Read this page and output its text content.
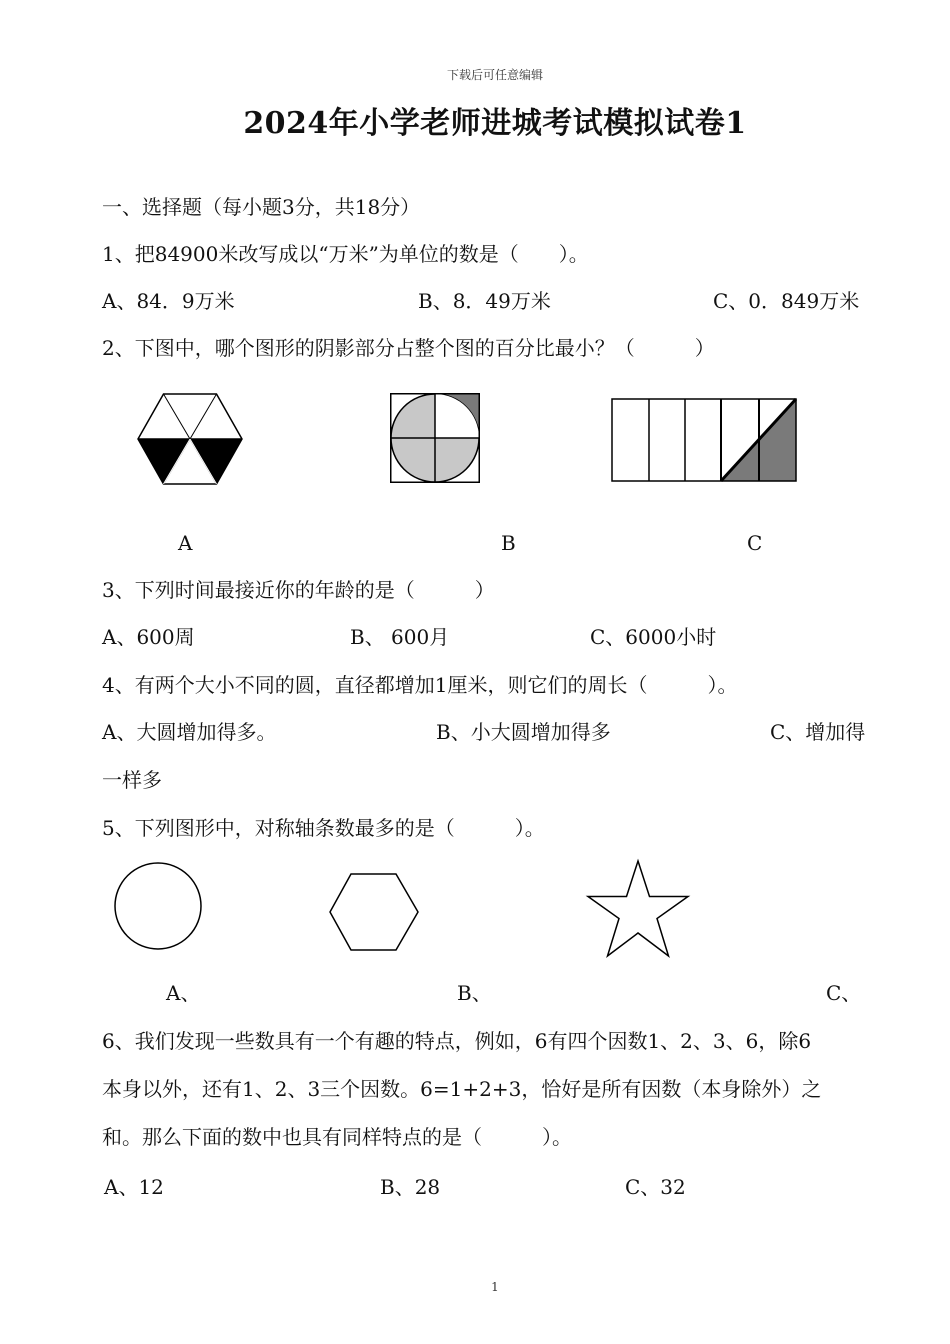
下载后可任意编辑
2024年小学老师进城考试模拟试卷1
一、选择题（每小题3分，共18分）
1、把84900米改写成以“万米”为单位的数是（　　）。
A、84．9万米	B、8．49万米	C、0．849万米
2、下图中，哪个图形的阴影部分占整个图的百分比最小？（　　　）
A	B	C
3、下列时间最接近你的年龄的是（　　　）
A、600周	B、 600月	C、6000小时
4、有两个大小不同的圆，直径都增加1厘米，则它们的周长（　　　）。
A、大圆增加得多。	B、小大圆增加得多	C、增加得
一样多
5、下列图形中，对称轴条数最多的是（　　　）。
A、	B、	C、
6、我们发现一些数具有一个有趣的特点，例如，6有四个因数1、2、3、6，除6
本身以外，还有1、2、3三个因数。6=1+2+3，恰好是所有因数（本身除外）之
和。那么下面的数中也具有同样特点的是（　　　）。
A、12	B、28	C、32
1
